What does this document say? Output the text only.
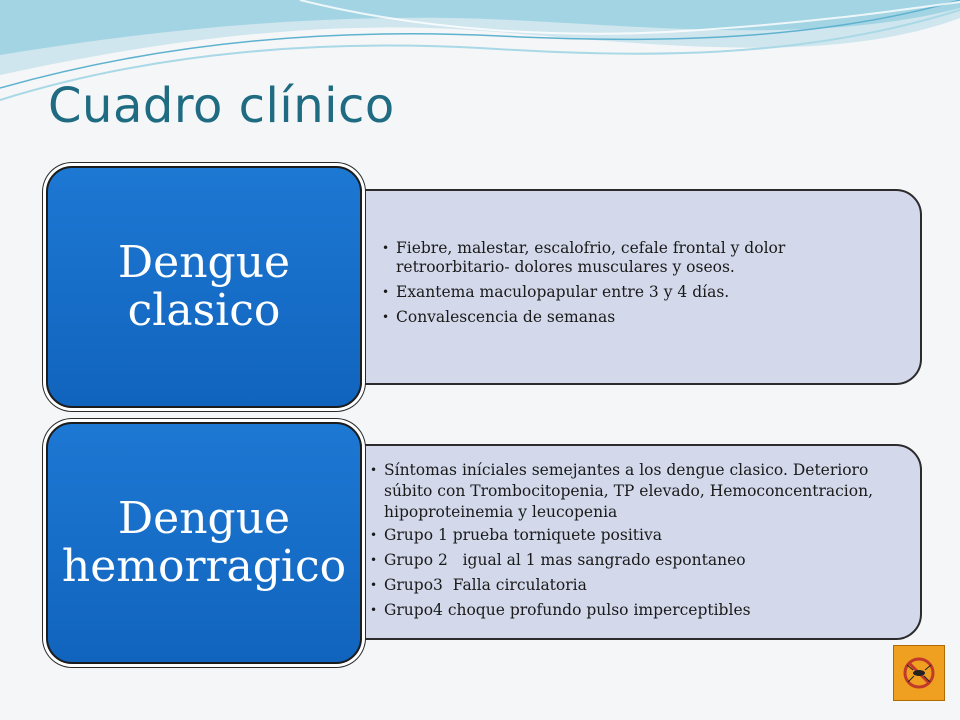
Cuadro clínico
• Fiebre, malestar, escalofrio, cefale frontal y dolor retroorbitario- dolores musculares y oseos.
• Exantema maculopapular entre 3 y 4 días.
• Convalescencia de semanas
Dengue
clasico
• Síntomas iníciales semejantes a los dengue clasico. Deterioro súbito con Trombocitopenia, TP elevado, Hemoconcentracion, hipoproteinemia y leucopenia
• Grupo 1 prueba torniquete positiva
• Grupo 2   igual al 1 mas sangrado espontaneo
• Grupo3  Falla circulatoria
• Grupo4 choque profundo pulso imperceptibles
Dengue
hemorragico
